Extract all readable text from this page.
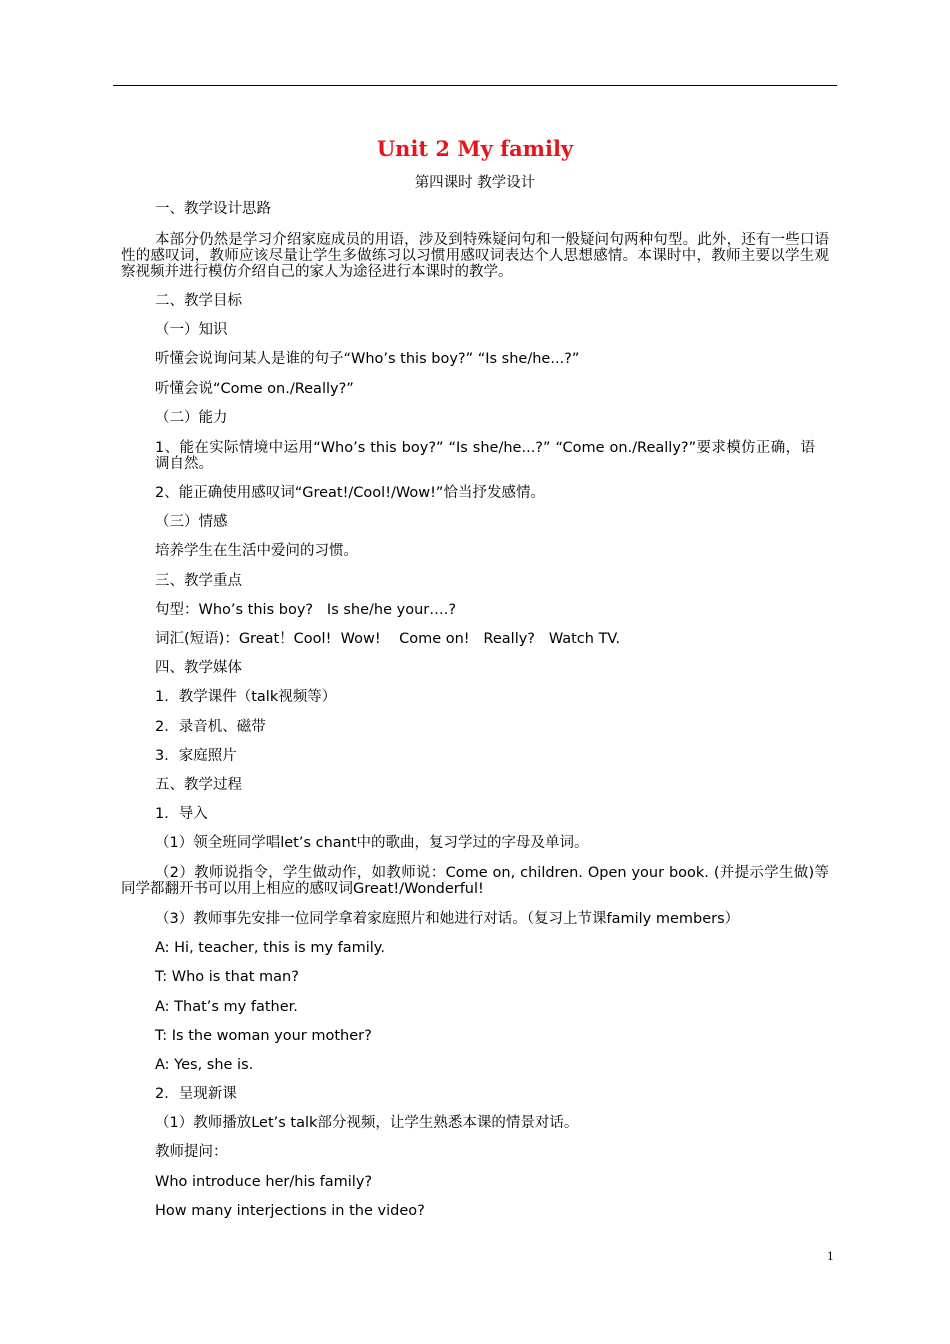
Unit 2 My family
第四课时 教学设计
一、教学设计思路
本部分仍然是学习介绍家庭成员的用语，涉及到特殊疑问句和一般疑问句两种句型。此外，还有一些口语性的感叹词，教师应该尽量让学生多做练习以习惯用感叹词表达个人思想感情。本课时中，教师主要以学生观察视频并进行模仿介绍自己的家人为途径进行本课时的教学。
二、教学目标
（一）知识
听懂会说询问某人是谁的句子“Who’s this boy?” “Is she/he...?”
听懂会说“Come on./Really?”
（二）能力
1、能在实际情境中运用“Who’s this boy?” “Is she/he...?” “Come on./Really?”要求模仿正确，语调自然。
2、能正确使用感叹词“Great!/Cool!/Wow!”恰当抒发感情。
（三）情感
培养学生在生活中爱问的习惯。
三、教学重点
句型：Who’s this boy?   Is she/he your….?
词汇(短语)：Great！Cool!  Wow!    Come on!   Really?   Watch TV.
四、教学媒体
1．教学课件（talk视频等）
2．录音机、磁带
3．家庭照片
五、教学过程
1．导入
（1）领全班同学唱let’s chant中的歌曲，复习学过的字母及单词。
（2）教师说指令，学生做动作，如教师说：Come on, children. Open your book. (并提示学生做)等同学都翻开书可以用上相应的感叹词Great!/Wonderful!
（3）教师事先安排一位同学拿着家庭照片和她进行对话。（复习上节课family members）
A: Hi, teacher, this is my family.
T: Who is that man?
A: That’s my father.
T: Is the woman your mother?
A: Yes, she is.
2．呈现新课
（1）教师播放Let’s talk部分视频，让学生熟悉本课的情景对话。
教师提问：
Who introduce her/his family?
How many interjections in the video?
1
